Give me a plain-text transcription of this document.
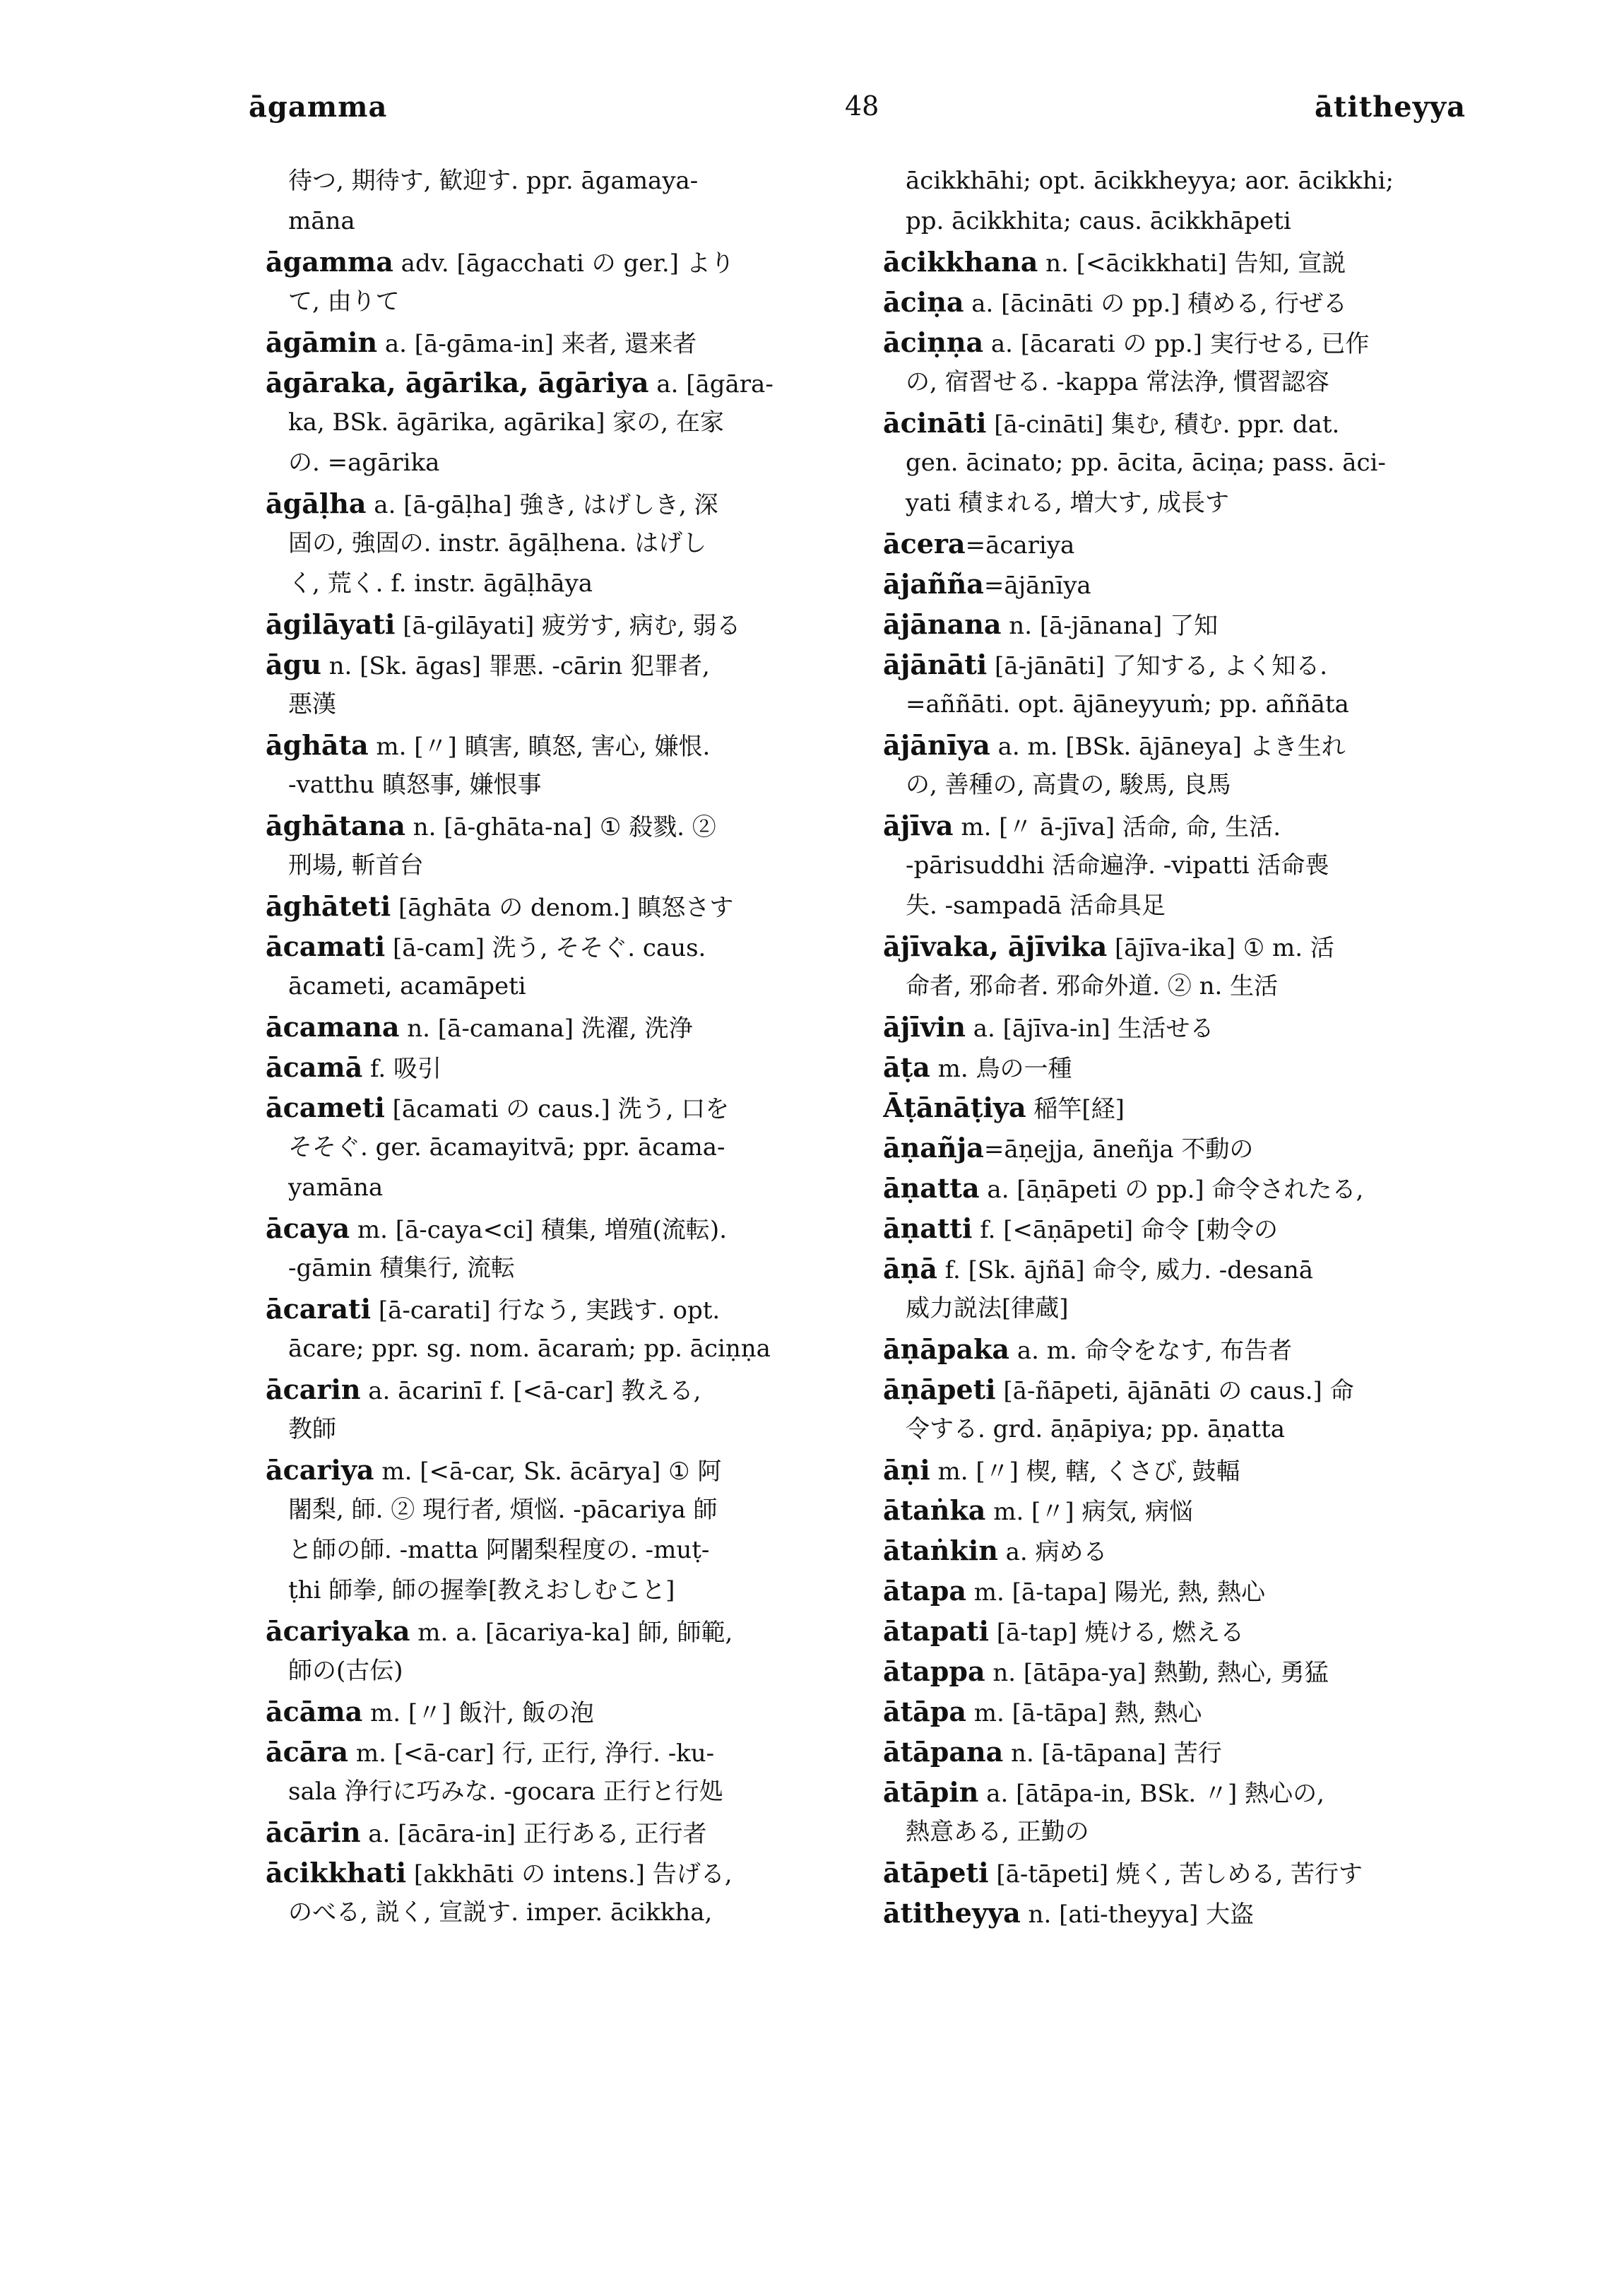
āgamma	48	ātitheyya
待つ, 期待す, 歓迎す. ppr. āgamaya-
māna
āgamma adv. [āgacchati の ger.] より
て, 由りて
āgāmin a. [ā-gāma-in] 来者, 還来者
āgāraka, āgārika, āgāriya a. [āgāra-
ka, BSk. āgārika, agārika] 家の, 在家
の. =agārika
āgāḷha a. [ā-gāḷha] 強き, はげしき, 深
固の, 強固の. instr. āgāḷhena. はげし
く, 荒く. f. instr. āgāḷhāya
āgilāyati [ā-gilāyati] 疲労す, 病む, 弱る
āgu n. [Sk. āgas] 罪悪. -cārin 犯罪者,
悪漢
āghāta m. [〃] 瞋害, 瞋怒, 害心, 嫌恨.
-vatthu 瞋怒事, 嫌恨事
āghātana n. [ā-ghāta-na] ① 殺戮. ②
刑場, 斬首台
āghāteti [āghāta の denom.] 瞋怒さす
ācamati [ā-cam] 洗う, そそぐ. caus.
ācameti, acamāpeti
ācamana n. [ā-camana] 洗濯, 洗浄
ācamā f. 吸引
ācameti [ācamati の caus.] 洗う, 口を
そそぐ. ger. ācamayitvā; ppr. ācama-
yamāna
ācaya m. [ā-caya<ci] 積集, 増殖(流転).
-gāmin 積集行, 流転
ācarati [ā-carati] 行なう, 実践す. opt.
ācare; ppr. sg. nom. ācaraṁ; pp. āciṇṇa
ācarin a. ācarinī f. [<ā-car] 教える,
教師
ācariya m. [<ā-car, Sk. ācārya] ① 阿
闍梨, 師. ② 現行者, 煩悩. -pācariya 師
と師の師. -matta 阿闍梨程度の. -muṭ-
ṭhi 師拳, 師の握拳[教えおしむこと]
ācariyaka m. a. [ācariya-ka] 師, 師範,
師の(古伝)
ācāma m. [〃] 飯汁, 飯の泡
ācāra m. [<ā-car] 行, 正行, 浄行. -ku-
sala 浄行に巧みな. -gocara 正行と行処
ācārin a. [ācāra-in] 正行ある, 正行者
ācikkhati [akkhāti の intens.] 告げる,
のべる, 説く, 宣説す. imper. ācikkha,
ācikkhāhi; opt. ācikkheyya; aor. ācikkhi;
pp. ācikkhita; caus. ācikkhāpeti
ācikkhana n. [<ācikkhati] 告知, 宣説
āciṇa a. [ācināti の pp.] 積める, 行ぜる
āciṇṇa a. [ācarati の pp.] 実行せる, 已作
の, 宿習せる. -kappa 常法浄, 慣習認容
ācināti [ā-cināti] 集む, 積む. ppr. dat.
gen. ācinato; pp. ācita, āciṇa; pass. āci-
yati 積まれる, 増大す, 成長す
ācera=ācariya
ājañña=ājānīya
ājānana n. [ā-jānana] 了知
ājānāti [ā-jānāti] 了知する, よく知る.
=aññāti. opt. ājāneyyuṁ; pp. aññāta
ājānīya a. m. [BSk. ājāneya] よき生れ
の, 善種の, 高貴の, 駿馬, 良馬
ājīva m. [〃 ā-jīva] 活命, 命, 生活.
-pārisuddhi 活命遍浄. -vipatti 活命喪
失. -sampadā 活命具足
ājīvaka, ājīvika [ājīva-ika] ① m. 活
命者, 邪命者. 邪命外道. ② n. 生活
ājīvin a. [ājīva-in] 生活せる
āṭa m. 鳥の一種
Āṭānāṭiya 稲竿[経]
āṇañja=āṇejja, āneñja 不動の
āṇatta a. [āṇāpeti の pp.] 命令されたる,
āṇatti f. [<āṇāpeti] 命令 [勅令の
āṇā f. [Sk. ājñā] 命令, 威力. -desanā
威力説法[律蔵]
āṇāpaka a. m. 命令をなす, 布告者
āṇāpeti [ā-ñāpeti, ājānāti の caus.] 命
令する. grd. āṇāpiya; pp. āṇatta
āṇi m. [〃] 楔, 轄, くさび, 鼓輻
ātaṅka m. [〃] 病気, 病悩
ātaṅkin a. 病める
ātapa m. [ā-tapa] 陽光, 熱, 熱心
ātapati [ā-tap] 焼ける, 燃える
ātappa n. [ātāpa-ya] 熱勤, 熱心, 勇猛
ātāpa m. [ā-tāpa] 熱, 熱心
ātāpana n. [ā-tāpana] 苦行
ātāpin a. [ātāpa-in, BSk. 〃] 熱心の,
熱意ある, 正勤の
ātāpeti [ā-tāpeti] 焼く, 苦しめる, 苦行す
ātitheyya n. [ati-theyya] 大盗
